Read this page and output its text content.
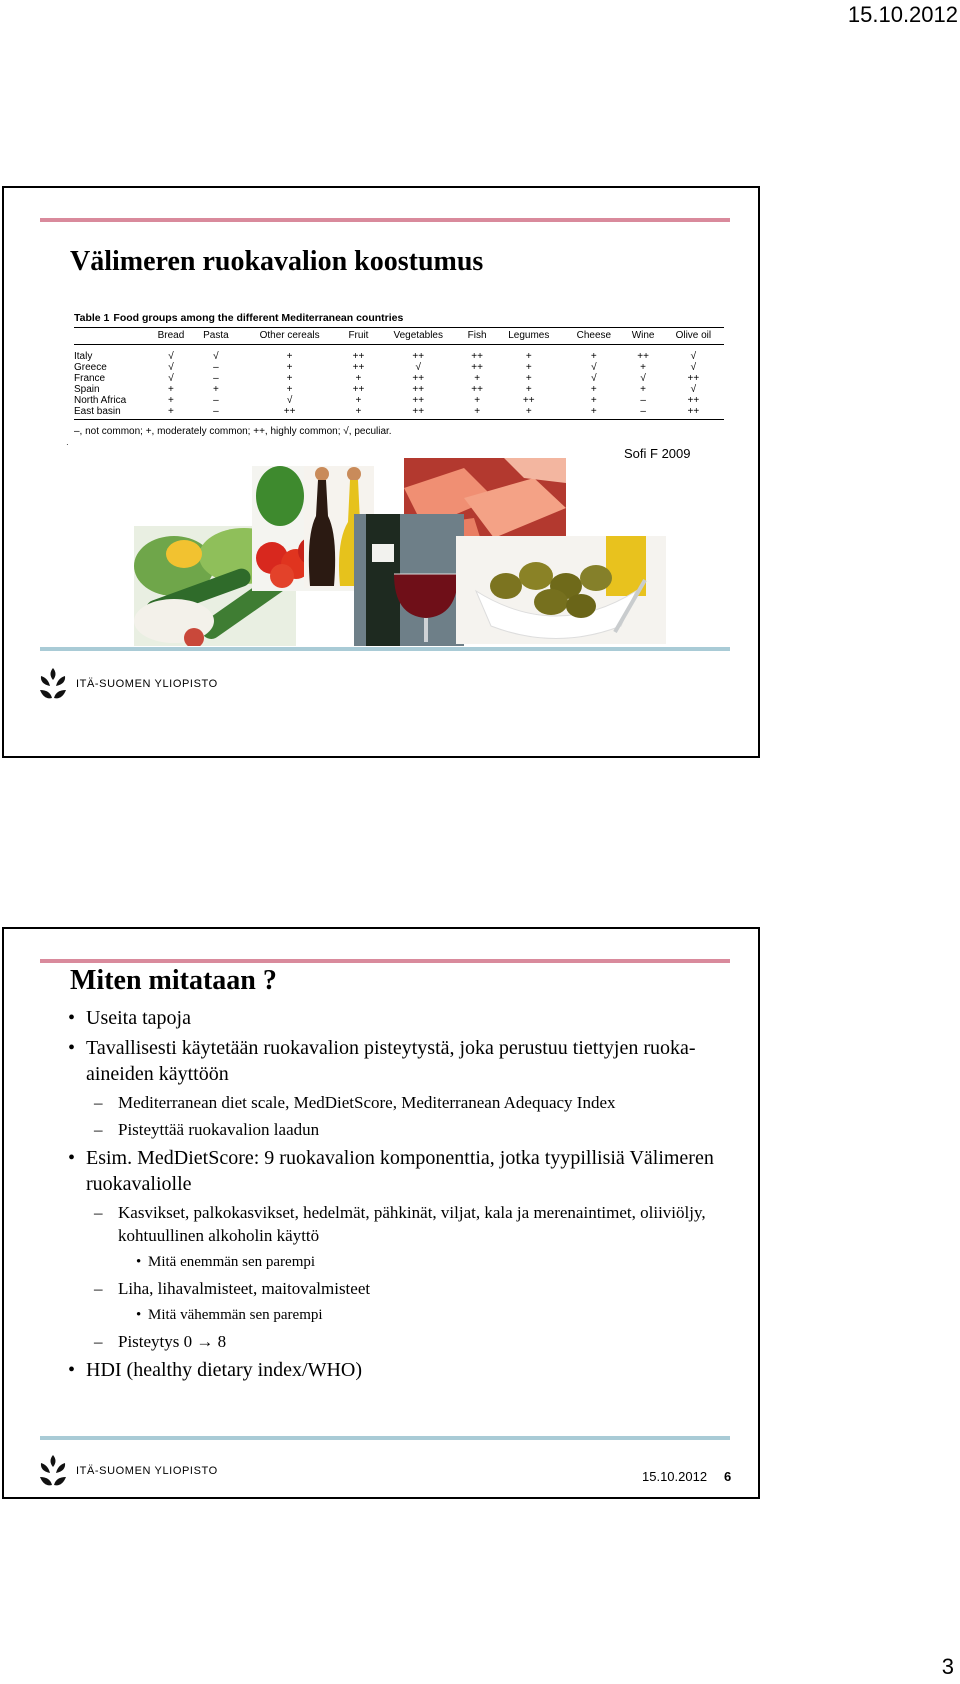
15.10.2012
Välimeren ruokavalion koostumus
Table 1 Food groups among the different Mediterranean countries
	Bread	Pasta	Other cereals	Fruit	Vegetables	Fish	Legumes	Cheese	Wine	Olive oil
Italy	√	√	+	++	++	++	+	+	++	√
Greece	√	–	+	++	√	++	+	√	+	√
France	√	–	+	+	++	+	+	√	√	++
Spain	+	+	+	++	++	++	+	+	+	√
North Africa	+	–	√	+	++	+	++	+	–	++
East basin	+	–	++	+	++	+	+	+	–	++
–, not common; +, moderately common; ++, highly common; √, peculiar.
·
Sofi F 2009
ITÄ-SUOMEN YLIOPISTO
Miten mitataan ?
• Useita tapoja
• Tavallisesti käytetään ruokavalion pisteytystä, joka perustuu tiettyjen ruoka-aineiden käyttöön
– Mediterranean diet scale, MedDietScore, Mediterranean Adequacy Index
– Pisteyttää ruokavalion laadun
• Esim. MedDietScore: 9 ruokavalion komponenttia, jotka tyypillisiä Välimeren ruokavaliolle
– Kasvikset, palkokasvikset, hedelmät, pähkinät, viljat, kala ja merenaintimet, oliiviöljy, kohtuullinen alkoholin käyttö
• Mitä enemmän sen parempi
– Liha, lihavalmisteet, maitovalmisteet
• Mitä vähemmän sen parempi
– Pisteytys 0 → 8
• HDI (healthy dietary index/WHO)
ITÄ-SUOMEN YLIOPISTO	15.10.2012 6
3
